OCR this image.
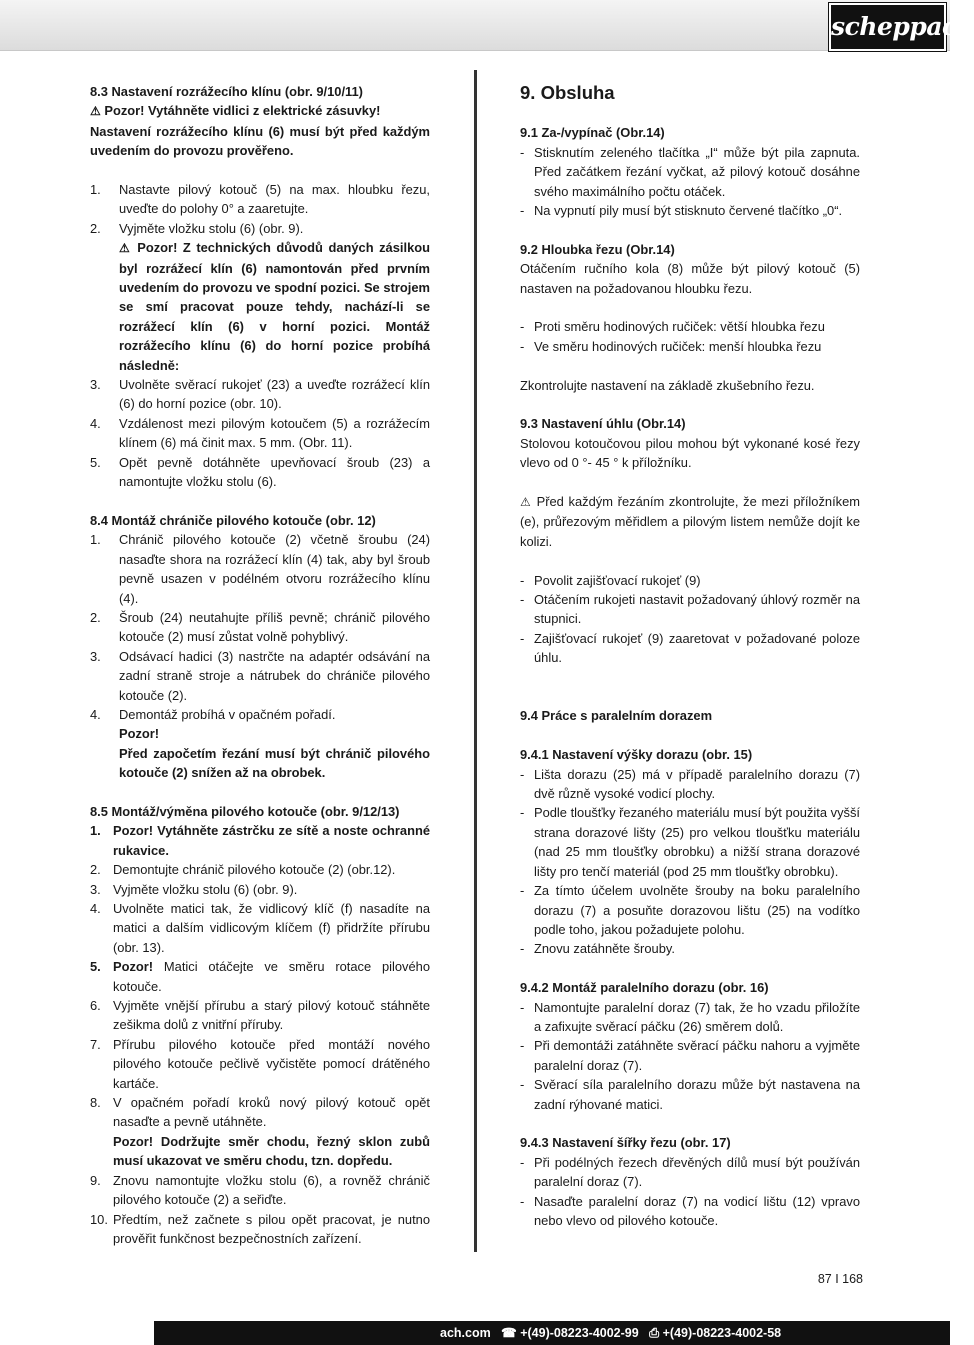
scheppach

8.3 Nastavení rozrážecího klínu (obr. 9/10/11)

⚠ Pozor! Vytáhněte vidlici z elektrické zásuvky!

Nastavení rozrážecího klínu (6) musí být před každým uvedením do provozu prověřeno.

1. Nastavte pilový kotouč (5) na max. hloubku řezu, uveďte do polohy 0° a zaaretujte.
2. Vyjměte vložku stolu (6) (obr. 9).

⚠ Pozor! Z technických důvodů daných zásilkou byl rozrážecí klín (6) namontován před prvním uvedením do provozu ve spodní pozici. Se strojem se smí pracovat pouze tehdy, nachází-li se rozrážecí klín (6) v horní pozici. Montáž rozrážecího klínu (6) do horní pozice probíhá následně:

3. Uvolněte svěrací rukojeť (23) a uveďte rozrážecí klín (6) do horní pozice (obr. 10).
4. Vzdálenost mezi pilovým kotoučem (5) a rozrážecím klínem (6) má činit max. 5 mm. (Obr. 11).
5. Opět pevně dotáhněte upevňovací šroub (23) a namontujte vložku stolu (6).

8.4 Montáž chrániče pilového kotouče (obr. 12)

1. Chránič pilového kotouče (2) včetně šroubu (24) nasaďte shora na rozrážecí klín (4) tak, aby byl šroub pevně usazen v podélném otvoru rozrážecího klínu (4).
2. Šroub (24) neutahujte příliš pevně; chránič pilového kotouče (2) musí zůstat volně pohyblivý.
3. Odsávací hadici (3) nastrčte na adaptér odsávání na zadní straně stroje a nátrubek do chrániče pilového kotouče (2).
4. Demontáž probíhá v opačném pořadí.

Pozor!

Před započetím řezání musí být chránič pilového kotouče (2) snížen až na obrobek.

8.5 Montáž/výměna pilového kotouče (obr. 9/12/13)

1. Pozor! Vytáhněte zástrčku ze sítě a noste ochranné rukavice.
2. Demontujte chránič pilového kotouče (2) (obr.12).
3. Vyjměte vložku stolu (6) (obr. 9).
4. Uvolněte matici tak, že vidlicový klíč (f) nasadíte na matici a dalším vidlicovým klíčem (f) přidržíte přírubu (obr. 13).
5. Pozor! Matici otáčejte ve směru rotace pilového kotouče.
6. Vyjměte vnější přírubu a starý pilový kotouč stáhněte zešikma dolů z vnitřní příruby.
7. Přírubu pilového kotouče před montáží nového pilového kotouče pečlivě vyčistěte pomocí drátěného kartáče.
8. V opačném pořadí kroků nový pilový kotouč opět nasaďte a pevně utáhněte.

Pozor! Dodržujte směr chodu, řezný sklon zubů musí ukazovat ve směru chodu, tzn. dopředu.

9. Znovu namontujte vložku stolu (6), a rovněž chránič pilového kotouče (2) a seřiďte.
10. Předtím, než začnete s pilou opět pracovat, je nutno prověřit funkčnost bezpečnostních zařízení.

9. Obsluha

9.1 Za-/vypínač (Obr.14)

- Stisknutím zeleného tlačítka „I“ může být pila zapnuta. Před začátkem řezání vyčkat, až pilový kotouč dosáhne svého maximálního počtu otáček.
- Na vypnutí pily musí být stisknuto červené tlačítko „0“.

9.2 Hloubka řezu (Obr.14)

Otáčením ručního kola (8) může být pilový kotouč (5) nastaven na požadovanou hloubku řezu.

- Proti směru hodinových ručiček: větší hloubka řezu
- Ve směru hodinových ručiček: menší hloubka řezu

Zkontrolujte nastavení na základě zkušebního řezu.

9.3 Nastavení úhlu (Obr.14)

Stolovou kotoučovou pilou mohou být vykonané kosé řezy vlevo od 0 °- 45 ° k příložníku.

⚠ Před každým řezáním zkontrolujte, že mezi příložníkem (e), průřezovým měřidlem a pilovým listem nemůže dojít ke kolizi.

- Povolit zajišťovací rukojeť (9)
- Otáčením rukojeti nastavit požadovaný úhlový rozměr na stupnici.
- Zajišťovací rukojeť (9) zaaretovat v požadované poloze úhlu.

9.4 Práce s paralelním dorazem

9.4.1 Nastavení výšky dorazu (obr. 15)

- Lišta dorazu (25) má v případě paralelního dorazu (7) dvě různě vysoké vodicí plochy.
- Podle tloušťky řezaného materiálu musí být použita vyšší strana dorazové lišty (25) pro velkou tloušťku materiálu (nad 25 mm tloušťky obrobku) a nižší strana dorazové lišty pro tenčí materiál (pod 25 mm tloušťky obrobku).
- Za tímto účelem uvolněte šrouby na boku paralelního dorazu (7) a posuňte dorazovou lištu (25) na vodítko podle toho, jakou požadujete polohu.
- Znovu zatáhněte šrouby.

9.4.2 Montáž paralelního dorazu (obr. 16)

- Namontujte paralelní doraz (7) tak, že ho vzadu přiložíte a zafixujte svěrací páčku (26) směrem dolů.
- Při demontáži zatáhněte svěrací páčku nahoru a vyjměte paralelní doraz (7).
- Svěrací síla paralelního dorazu může být nastavena na zadní rýhované matici.

9.4.3 Nastavení šířky řezu (obr. 17)

- Při podélných řezech dřevěných dílů musí být používán paralelní doraz (7).
- Nasaďte paralelní doraz (7) na vodicí lištu (12) vpravo nebo vlevo od pilového kotouče.
87 I 168
ach.com ☎ +(49)-08223-4002-99 ⎙ +(49)-08223-4002-58
